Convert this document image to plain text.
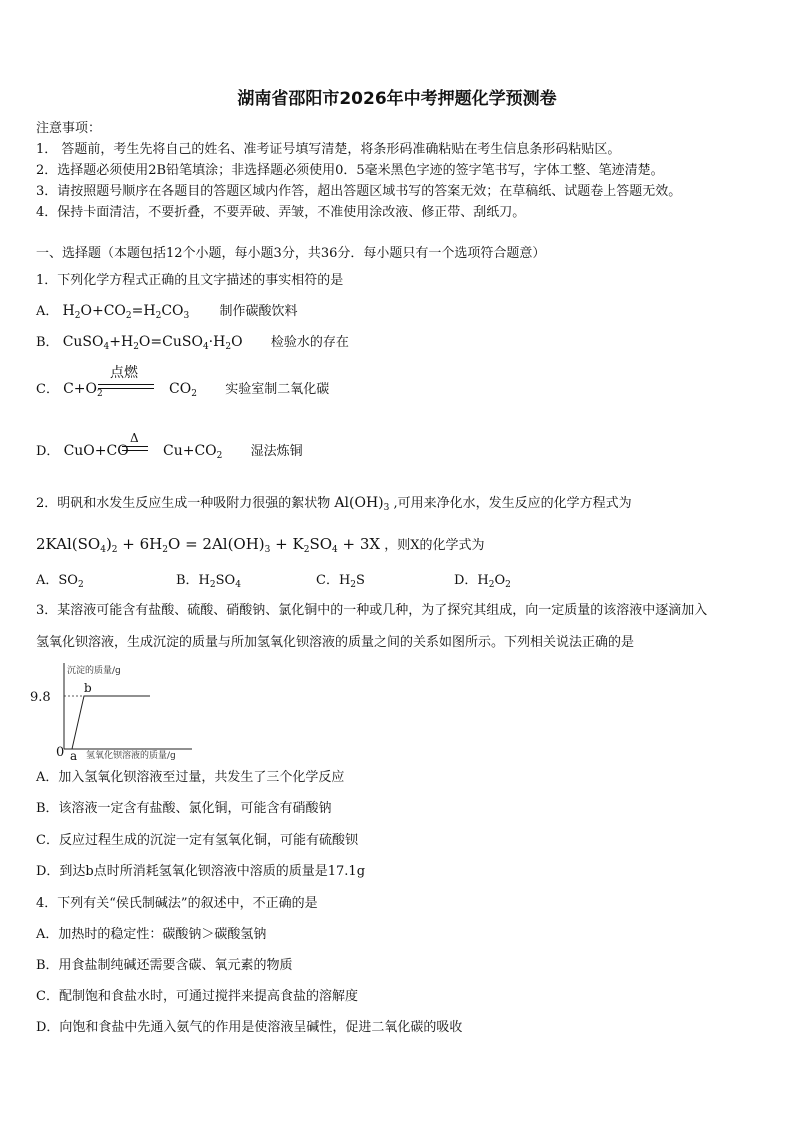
湖南省邵阳市2026年中考押题化学预测卷
注意事项：
1． 答题前，考生先将自己的姓名、准考证号填写清楚，将条形码准确粘贴在考生信息条形码粘贴区。
2．选择题必须使用2B铅笔填涂；非选择题必须使用0．5毫米黑色字迹的签字笔书写，字体工整、笔迹清楚。
3．请按照题号顺序在各题目的答题区域内作答，超出答题区域书写的答案无效；在草稿纸、试题卷上答题无效。
4．保持卡面清洁，不要折叠，不要弄破、弄皱，不准使用涂改液、修正带、刮纸刀。
一、选择题（本题包括12个小题，每小题3分，共36分．每小题只有一个选项符合题意）
1．下列化学方程式正确的且文字描述的事实相符的是
A． $H_2O+CO_2=H_2CO_3$ 制作碳酸饮料
B． $CuSO_4+H_2O=CuSO_4\cdot H_2O$ 检验水的存在
C． $C+O_2$	$CO_2$ 实验室制二氧化碳
点燃
D． CuO+CO $Cu+CO_2$ 湿法炼铜
Δ
2．明矾和水发生反应生成一种吸附力很强的絮状物 $Al(OH)_3$ ,可用来净化水，发生反应的化学方程式为
$2KAl(SO_4)_2 + 6H_2O = 2Al(OH)_3 + K_2SO_4 + 3X$ ，则X的化学式为
A．$SO_2$	B．$H_2SO_4$	C．$H_2S$	D．$H_2O_2$
3．某溶液可能含有盐酸、硫酸、硝酸钠、氯化铜中的一种或几种，为了探究其组成，向一定质量的该溶液中逐滴加入
氢氧化钡溶液，生成沉淀的质量与所加氢氧化钡溶液的质量之间的关系如图所示。下列相关说法正确的是
沉淀的质量/g
氢氧化钡溶液的质量/g
b
a
9.8
0
A．加入氢氧化钡溶液至过量，共发生了三个化学反应
B．该溶液一定含有盐酸、氯化铜，可能含有硝酸钠
C．反应过程生成的沉淀一定有氢氧化铜，可能有硫酸钡
D．到达b点时所消耗氢氧化钡溶液中溶质的质量是17.1g
4．下列有关“侯氏制碱法”的叙述中，不正确的是
A．加热时的稳定性：碳酸钠＞碳酸氢钠
B．用食盐制纯碱还需要含碳、氧元素的物质
C．配制饱和食盐水时，可通过搅拌来提高食盐的溶解度
D．向饱和食盐中先通入氨气的作用是使溶液呈碱性，促进二氧化碳的吸收
